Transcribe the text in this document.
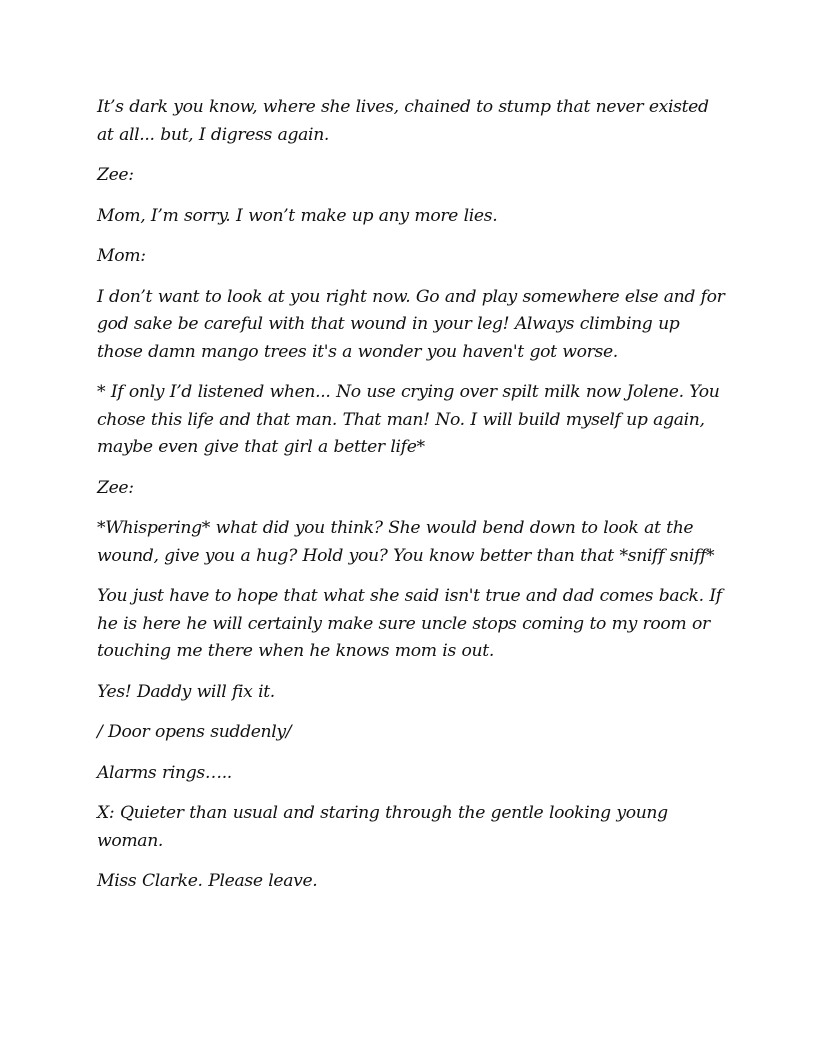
It’s dark you know, where she lives, chained to stump that never existed at all... but, I digress again.

Zee:

Mom, I’m sorry. I won’t make up any more lies.

Mom:

I don’t want to look at you right now. Go and play somewhere else and for god sake be careful with that wound in your leg! Always climbing up those damn mango trees it's a wonder you haven't got worse.

* If only I’d listened when... No use crying over spilt milk now Jolene. You chose this life and that man. That man! No. I will build myself up again, maybe even give that girl a better life*

Zee:

*Whispering* what did you think? She would bend down to look at the wound, give you a hug? Hold you? You know better than that *sniff sniff*

You just have to hope that what she said isn't true and dad comes back. If he is here he will certainly make sure uncle stops coming to my room or touching me there when he knows mom is out.

Yes! Daddy will fix it.

/ Door opens suddenly/

Alarms rings…..

X: Quieter than usual and staring through the gentle looking young woman.

Miss Clarke. Please leave.
